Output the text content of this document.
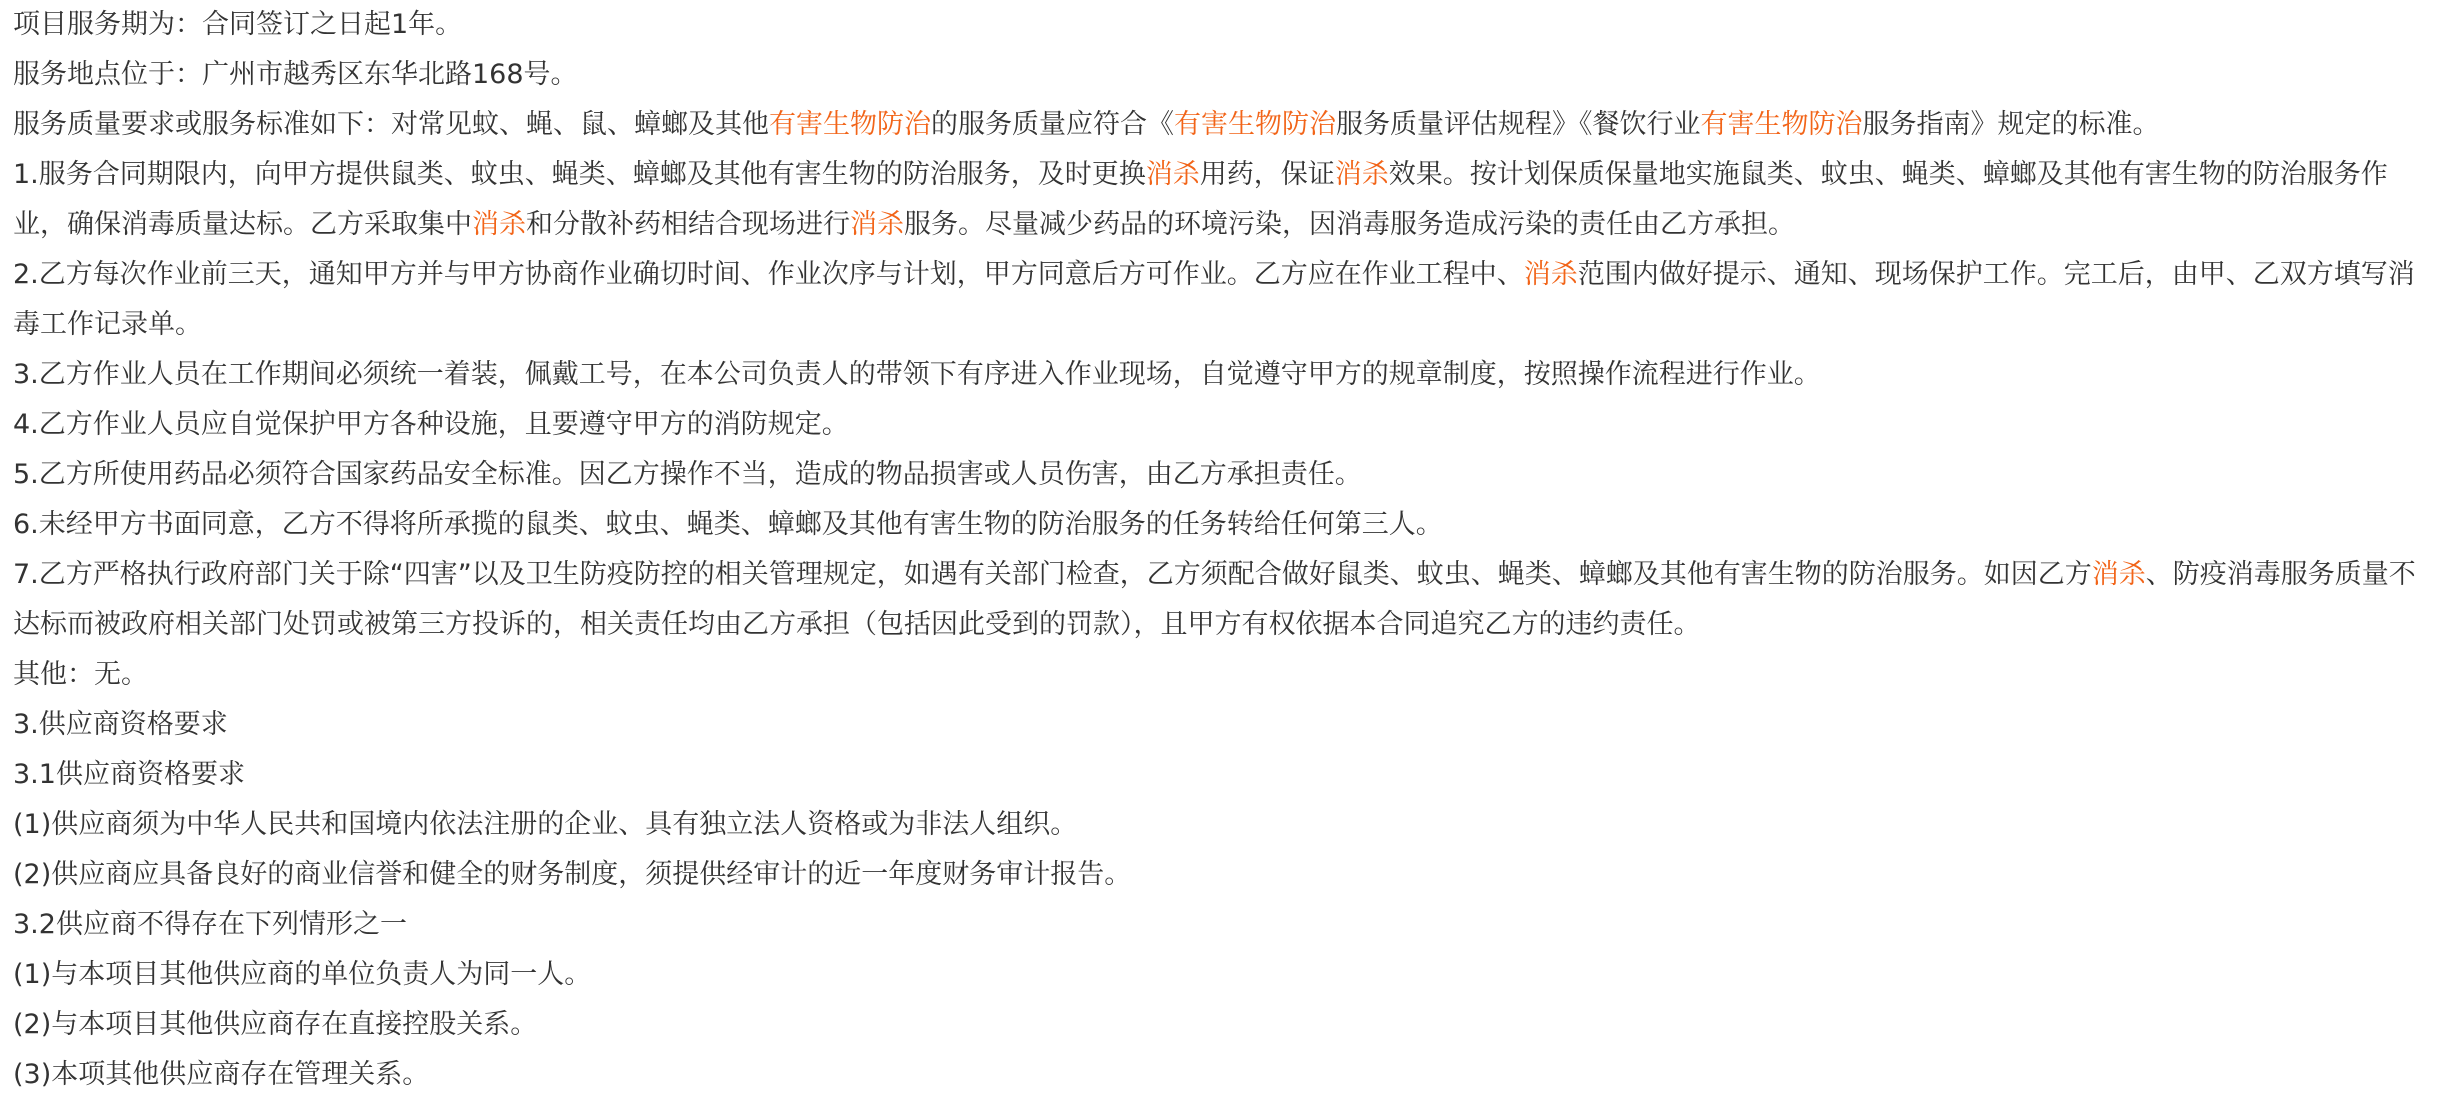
项目服务期为：合同签订之日起1年。

服务地点位于：广州市越秀区东华北路168号。

服务质量要求或服务标准如下：对常见蚊、蝇、鼠、蟑螂及其他有害生物防治的服务质量应符合《有害生物防治服务质量评估规程》《餐饮行业有害生物防治服务指南》规定的标准。

1.服务合同期限内，向甲方提供鼠类、蚊虫、蝇类、蟑螂及其他有害生物的防治服务，及时更换消杀用药，保证消杀效果。按计划保质保量地实施鼠类、蚊虫、蝇类、蟑螂及其他有害生物的防治服务作业，确保消毒质量达标。乙方采取集中消杀和分散补药相结合现场进行消杀服务。尽量减少药品的环境污染，因消毒服务造成污染的责任由乙方承担。

2.乙方每次作业前三天，通知甲方并与甲方协商作业确切时间、作业次序与计划，甲方同意后方可作业。乙方应在作业工程中、消杀范围内做好提示、通知、现场保护工作。完工后，由甲、乙双方填写消毒工作记录单。

3.乙方作业人员在工作期间必须统一着装，佩戴工号，在本公司负责人的带领下有序进入作业现场，自觉遵守甲方的规章制度，按照操作流程进行作业。

4.乙方作业人员应自觉保护甲方各种设施，且要遵守甲方的消防规定。

5.乙方所使用药品必须符合国家药品安全标准。因乙方操作不当，造成的物品损害或人员伤害，由乙方承担责任。

6.未经甲方书面同意，乙方不得将所承揽的鼠类、蚊虫、蝇类、蟑螂及其他有害生物的防治服务的任务转给任何第三人。

7.乙方严格执行政府部门关于除“四害”以及卫生防疫防控的相关管理规定，如遇有关部门检查，乙方须配合做好鼠类、蚊虫、蝇类、蟑螂及其他有害生物的防治服务。如因乙方消杀、防疫消毒服务质量不达标而被政府相关部门处罚或被第三方投诉的，相关责任均由乙方承担（包括因此受到的罚款），且甲方有权依据本合同追究乙方的违约责任。

其他：无。

3.供应商资格要求

3.1供应商资格要求

(1)供应商须为中华人民共和国境内依法注册的企业、具有独立法人资格或为非法人组织。

(2)供应商应具备良好的商业信誉和健全的财务制度，须提供经审计的近一年度财务审计报告。

3.2供应商不得存在下列情形之一

(1)与本项目其他供应商的单位负责人为同一人。

(2)与本项目其他供应商存在直接控股关系。

(3)本项其他供应商存在管理关系。
